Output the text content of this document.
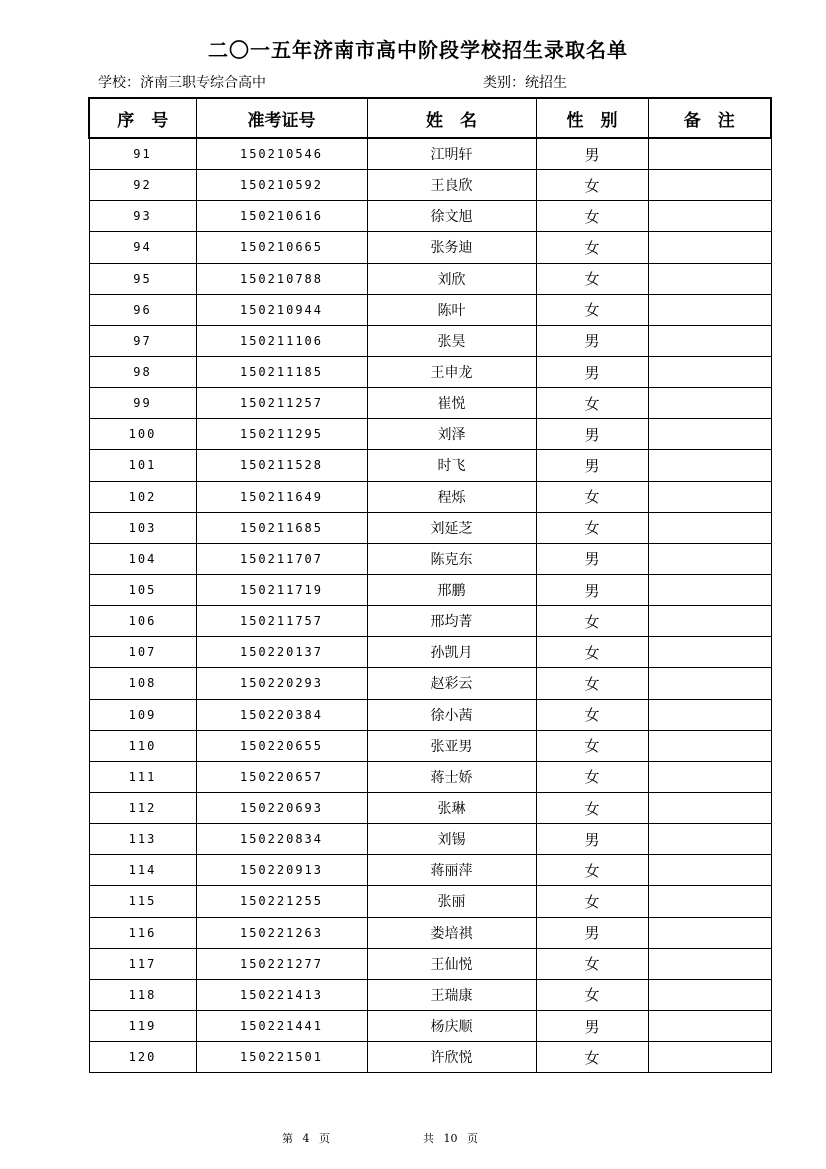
二〇一五年济南市高中阶段学校招生录取名单
学校：济南三职专综合高中	类别：统招生
序　号	准考证号	姓　名	性　别	备　注
91	150210546	江明轩	男	
92	150210592	王良欣	女	
93	150210616	徐文旭	女	
94	150210665	张务迪	女	
95	150210788	刘欣	女	
96	150210944	陈叶	女	
97	150211106	张昊	男	
98	150211185	王申龙	男	
99	150211257	崔悦	女	
100	150211295	刘泽	男	
101	150211528	时飞	男	
102	150211649	程烁	女	
103	150211685	刘延芝	女	
104	150211707	陈克东	男	
105	150211719	邢鹏	男	
106	150211757	邢均菁	女	
107	150220137	孙凯月	女	
108	150220293	赵彩云	女	
109	150220384	徐小茜	女	
110	150220655	张亚男	女	
111	150220657	蒋士娇	女	
112	150220693	张琳	女	
113	150220834	刘锡	男	
114	150220913	蒋丽萍	女	
115	150221255	张丽	女	
116	150221263	娄培祺	男	
117	150221277	王仙悦	女	
118	150221413	王瑞康	女	
119	150221441	杨庆顺	男	
120	150221501	许欣悦	女	
第 4 页	共 10 页
